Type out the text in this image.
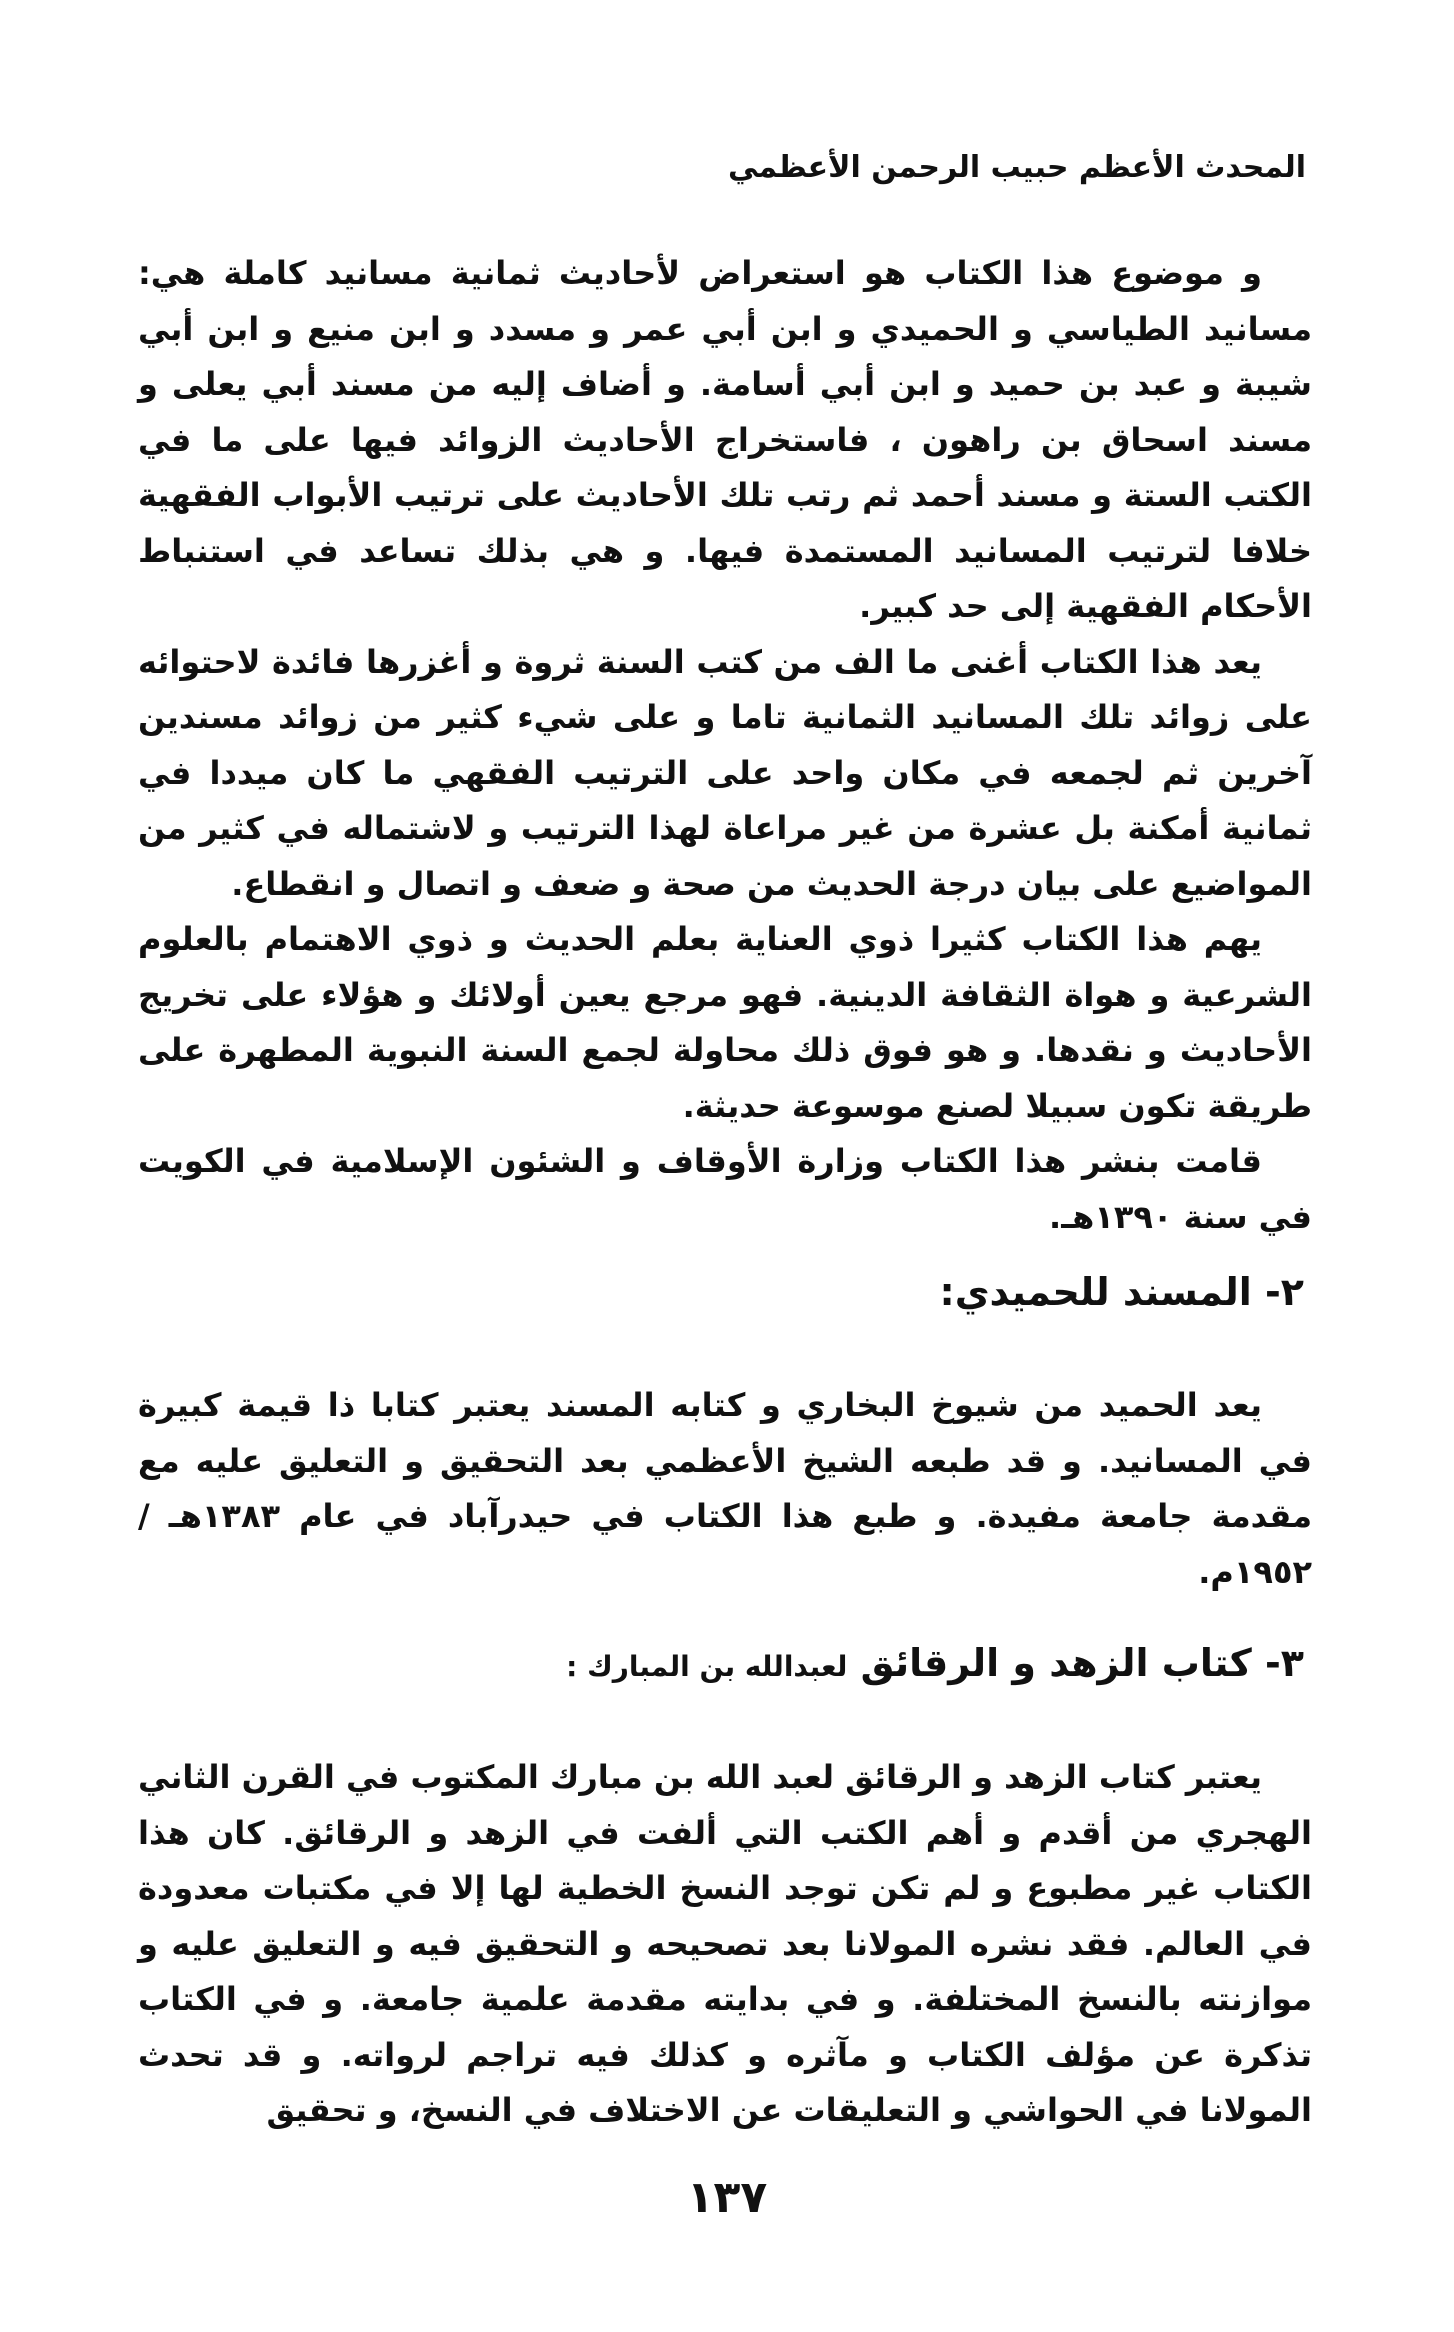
المحدث الأعظم حبيب الرحمن الأعظمي

و موضوع هذا الكتاب هو استعراض لأحاديث ثمانية مسانيد كاملة هي: مسانيد الطياسي و الحميدي و ابن أبي عمر و مسدد و ابن منيع و ابن أبي شيبة و عبد بن حميد و ابن أبي أسامة. و أضاف إليه من مسند أبي يعلى و مسند اسحاق بن راهون ، فاستخراج الأحاديث الزوائد فيها على ما في الكتب الستة و مسند أحمد ثم رتب تلك الأحاديث على ترتيب الأبواب الفقهية خلافا لترتيب المسانيد المستمدة فيها. و هي بذلك تساعد في استنباط الأحكام الفقهية إلى حد كبير.

يعد هذا الكتاب أغنى ما الف من كتب السنة ثروة و أغزرها فائدة لاحتوائه على زوائد تلك المسانيد الثمانية تاما و على شيء كثير من زوائد مسندين آخرين ثم لجمعه في مكان واحد على الترتيب الفقهي ما كان ميددا في ثمانية أمكنة بل عشرة من غير مراعاة لهذا الترتيب و لاشتماله في كثير من المواضيع على بيان درجة الحديث من صحة و ضعف و اتصال و انقطاع.

يهم هذا الكتاب كثيرا ذوي العناية بعلم الحديث و ذوي الاهتمام بالعلوم الشرعية و هواة الثقافة الدينية. فهو مرجع يعين أولائك و هؤلاء على تخريج الأحاديث و نقدها. و هو فوق ذلك محاولة لجمع السنة النبوية المطهرة على طريقة تكون سبيلا لصنع موسوعة حديثة.

قامت بنشر هذا الكتاب وزارة الأوقاف و الشئون الإسلامية في الكويت في سنة ١٣٩٠هـ.

٢- المسند للحميدي:

يعد الحميد من شيوخ البخاري و كتابه المسند يعتبر كتابا ذا قيمة كبيرة في المسانيد. و قد طبعه الشيخ الأعظمي بعد التحقيق و التعليق عليه مع مقدمة جامعة مفيدة. و طبع هذا الكتاب في حيدرآباد في عام ١٣٨٣هـ / ١٩٥٢م.

٣- كتاب الزهد و الرقائق لعبدالله بن المبارك :

يعتبر كتاب الزهد و الرقائق لعبد الله بن مبارك المكتوب في القرن الثاني الهجري من أقدم و أهم الكتب التي ألفت في الزهد و الرقائق. كان هذا الكتاب غير مطبوع و لم تكن توجد النسخ الخطية لها إلا في مكتبات معدودة في العالم. فقد نشره المولانا بعد تصحيحه و التحقيق فيه و التعليق عليه و موازنته بالنسخ المختلفة. و في بدايته مقدمة علمية جامعة. و في الكتاب تذكرة عن مؤلف الكتاب و مآثره و كذلك فيه تراجم لرواته. و قد تحدث المولانا في الحواشي و التعليقات عن الاختلاف في النسخ، و تحقيق

١٣٧
